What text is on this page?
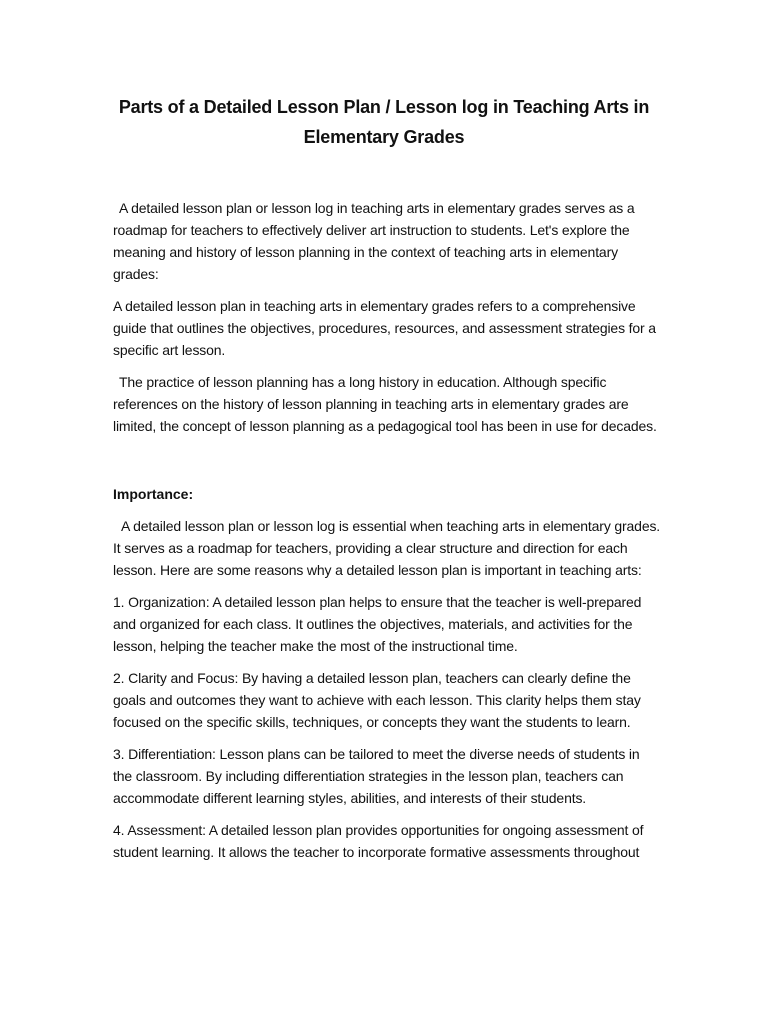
Parts of a Detailed Lesson Plan / Lesson log in Teaching Arts in Elementary Grades

A detailed lesson plan or lesson log in teaching arts in elementary grades serves as a roadmap for teachers to effectively deliver art instruction to students. Let's explore the meaning and history of lesson planning in the context of teaching arts in elementary grades:

A detailed lesson plan in teaching arts in elementary grades refers to a comprehensive guide that outlines the objectives, procedures, resources, and assessment strategies for a specific art lesson.

The practice of lesson planning has a long history in education. Although specific references on the history of lesson planning in teaching arts in elementary grades are limited, the concept of lesson planning as a pedagogical tool has been in use for decades.

Importance:

A detailed lesson plan or lesson log is essential when teaching arts in elementary grades. It serves as a roadmap for teachers, providing a clear structure and direction for each lesson. Here are some reasons why a detailed lesson plan is important in teaching arts:

1. Organization: A detailed lesson plan helps to ensure that the teacher is well-prepared and organized for each class. It outlines the objectives, materials, and activities for the lesson, helping the teacher make the most of the instructional time.

2. Clarity and Focus: By having a detailed lesson plan, teachers can clearly define the goals and outcomes they want to achieve with each lesson. This clarity helps them stay focused on the specific skills, techniques, or concepts they want the students to learn.

3. Differentiation: Lesson plans can be tailored to meet the diverse needs of students in the classroom. By including differentiation strategies in the lesson plan, teachers can accommodate different learning styles, abilities, and interests of their students.

4. Assessment: A detailed lesson plan provides opportunities for ongoing assessment of student learning. It allows the teacher to incorporate formative assessments throughout
